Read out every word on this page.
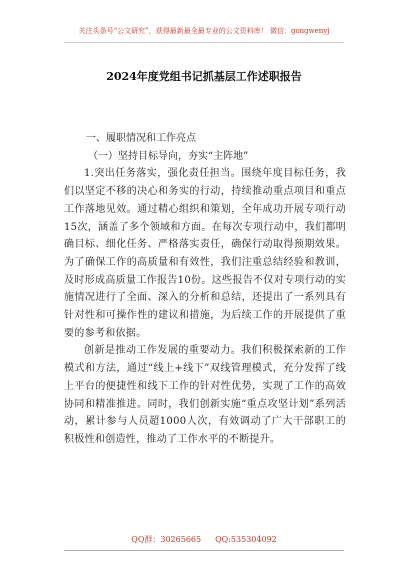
关注头条号“公文研究”，获得最新最全最专业的公文资料库！ 微信：gongwenyj
2024年度党组书记抓基层工作述职报告
一、履职情况和工作亮点
（一）坚持目标导向，夯实“主阵地”

1.突出任务落实，强化责任担当。围绕年度目标任务，我们以坚定不移的决心和务实的行动，持续推动重点项目和重点工作落地见效。通过精心组织和策划，全年成功开展专项行动15次，涵盖了多个领域和方面。在每次专项行动中，我们都明确目标、细化任务、严格落实责任，确保行动取得预期效果。为了确保工作的高质量和有效性，我们注重总结经验和教训，及时形成高质量工作报告10份。这些报告不仅对专项行动的实施情况进行了全面、深入的分析和总结，还提出了一系列具有针对性和可操作性的建议和措施，为后续工作的开展提供了重要的参考和依据。

创新是推动工作发展的重要动力。我们积极探索新的工作模式和方法，通过“线上+线下”双线管理模式，充分发挥了线上平台的便捷性和线下工作的针对性优势，实现了工作的高效协同和精准推进。同时，我们创新实施“重点攻坚计划”系列活动，累计参与人员超1000人次，有效调动了广大干部职工的积极性和创造性，推动了工作水平的不断提升。

QQ群：30265665 QQ:535304092
